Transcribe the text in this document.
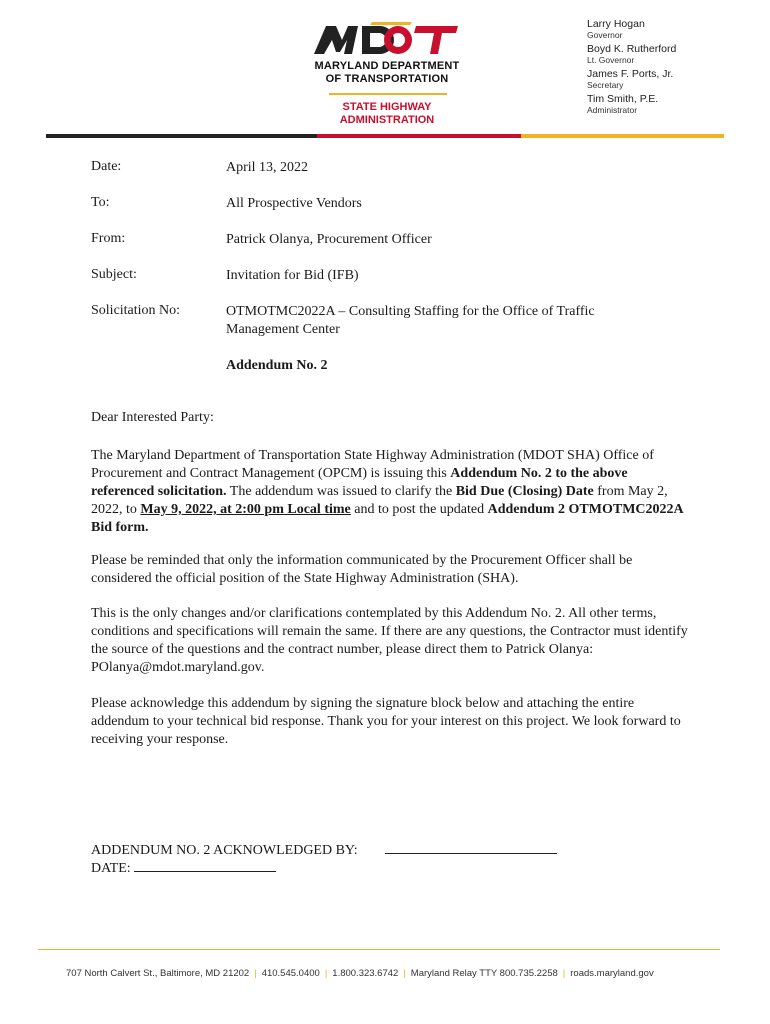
MARYLAND DEPARTMENT
OF TRANSPORTATION
STATE HIGHWAY
ADMINISTRATION
Larry Hogan
Governor
Boyd K. Rutherford
Lt. Governor
James F. Ports, Jr.
Secretary
Tim Smith, P.E.
Administrator
Date:	April 13, 2022
To:	All Prospective Vendors
From:	Patrick Olanya, Procurement Officer
Subject:	Invitation for Bid (IFB)
Solicitation No:	OTMOTMC2022A – Consulting Staffing for the Office of Traffic Management Center
Addendum No. 2
Dear Interested Party:
The Maryland Department of Transportation State Highway Administration (MDOT SHA) Office of Procurement and Contract Management (OPCM) is issuing this Addendum No. 2 to the above referenced solicitation. The addendum was issued to clarify the Bid Due (Closing) Date from May 2, 2022, to May 9, 2022, at 2:00 pm Local time and to post the updated Addendum 2 OTMOTMC2022A Bid form.
Please be reminded that only the information communicated by the Procurement Officer shall be considered the official position of the State Highway Administration (SHA).
This is the only changes and/or clarifications contemplated by this Addendum No. 2. All other terms, conditions and specifications will remain the same. If there are any questions, the Contractor must identify the source of the questions and the contract number, please direct them to Patrick Olanya: POlanya@mdot.maryland.gov.
Please acknowledge this addendum by signing the signature block below and attaching the entire addendum to your technical bid response. Thank you for your interest on this project. We look forward to receiving your response.
ADDENDUM NO. 2 ACKNOWLEDGED BY:
DATE:
707 North Calvert St., Baltimore, MD 21202 | 410.545.0400 | 1.800.323.6742 | Maryland Relay TTY 800.735.2258 | roads.maryland.gov
